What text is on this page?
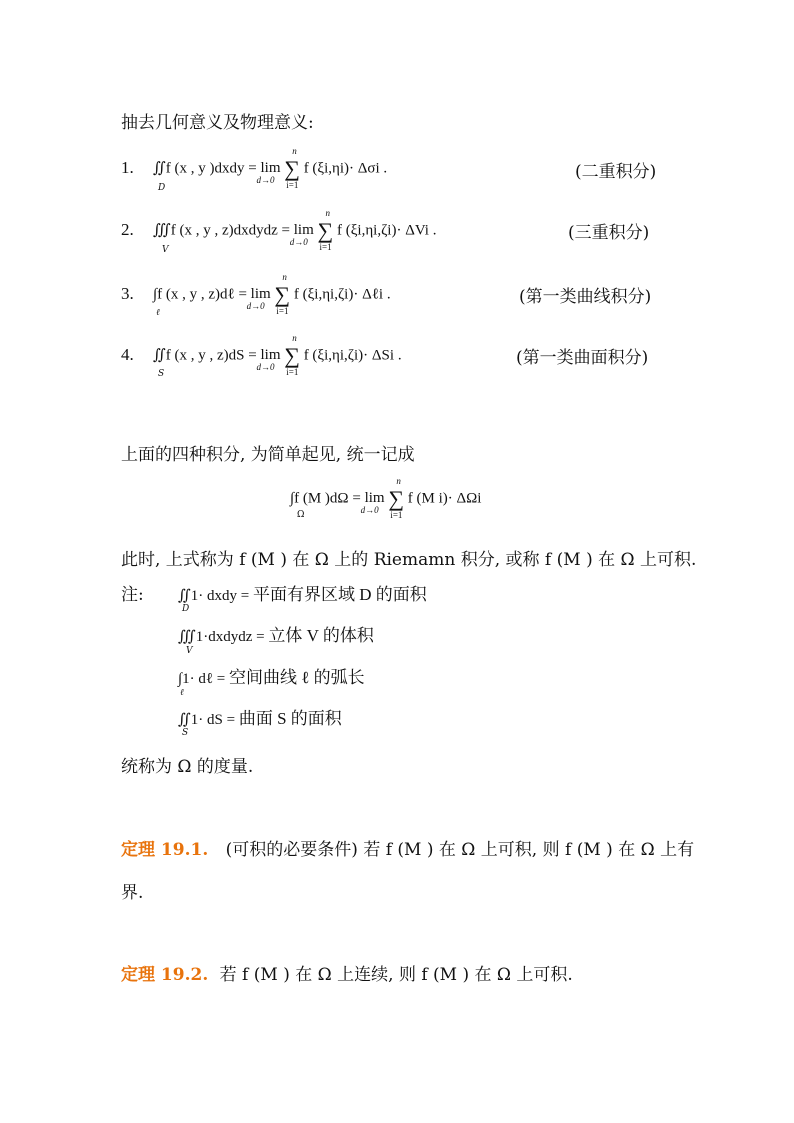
抽去几何意义及物理意义:
1. ∬f (x , y )dxdy = lim
d→0 ∑
n
i=1
f (ξi,ηi)· Δσi .
D
(二重积分)
2. ∭f (x , y , z)dxdydz = lim
d→0 ∑
n
i=1
f (ξi,ηi,ζi)· ΔVi .
V
(三重积分)
3. ∫f (x , y , z)dℓ = lim
d→0 ∑
n
i=1
f (ξi,ηi,ζi)· Δℓi .
ℓ
(第一类曲线积分)
4. ∬f (x , y , z)dS = lim
d→0 ∑
n
i=1
f (ξi,ηi,ζi)· ΔSi .
S
(第一类曲面积分)
上面的四种积分, 为简单起见, 统一记成
∫f (M )dΩ = lim
d→0 ∑
n
i=1
f (M i)· ΔΩi
Ω
此时, 上式称为 f (M ) 在 Ω 上的 Riemamn 积分, 或称 f (M ) 在 Ω 上可积.
注: ∬1· dxdy = 平面有界区域 D 的面积
D
∭1·dxdydz = 立体 V 的体积
V
∫1· dℓ = 空间曲线 ℓ 的弧长
ℓ
∬1· dS = 曲面 S 的面积
S
统称为 Ω 的度量.
定理 19.1. (可积的必要条件) 若 f (M ) 在 Ω 上可积, 则 f (M ) 在 Ω 上有
界.
定理 19.2. 若 f (M ) 在 Ω 上连续, 则 f (M ) 在 Ω 上可积.
